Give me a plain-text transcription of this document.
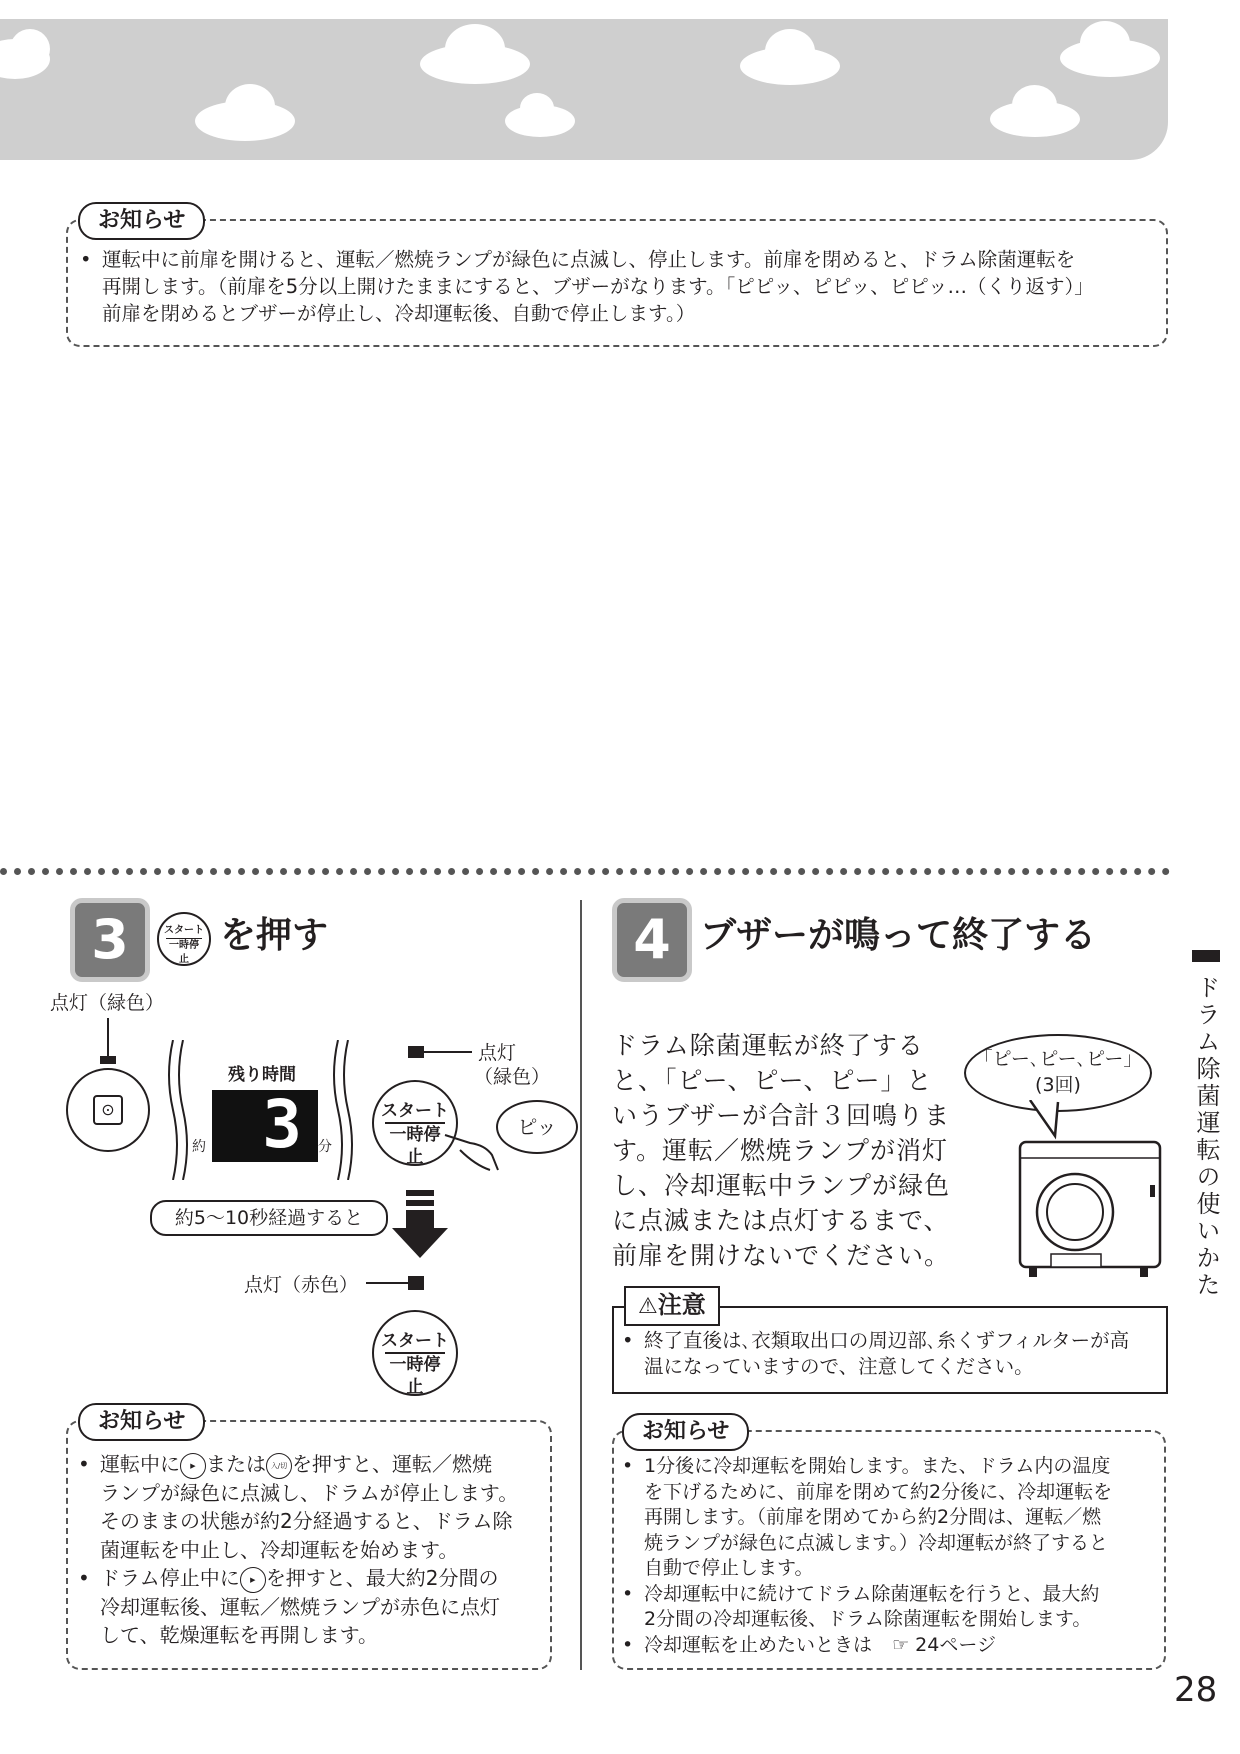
お知らせ
• 運転中に前扉を開けると、運転／燃焼ランプが緑色に点滅し、停止します。前扉を閉めると、ドラム除菌運転を
再開します。（前扉を5分以上開けたままにすると、ブザーがなります。「ピピッ、ピピッ、ピピッ…（くり返す）」
前扉を閉めるとブザーが停止し、冷却運転後、自動で停止します。）
3	スタート
一時停止
を押す
点灯（緑色）
⊙
残り時間
3
約	分
点灯
（緑色）
スタート
一時停止
ピッ
約5～10秒経過すると
点灯（赤色）
スタート
一時停止
お知らせ
• 運転中に ▶ または 入/切 を押すと、運転／燃焼
ランプが緑色に点滅し、ドラムが停止します。
そのままの状態が約2分経過すると、ドラム除
菌運転を中止し、冷却運転を始めます。
• ドラム停止中に ▶ を押すと、最大約2分間の
冷却運転後、運転／燃焼ランプが赤色に点灯
して、乾燥運転を再開します。
4 ブザーが鳴って終了する
ドラム除菌運転が終了する
と、「ピー、ピー、ピー」と
いうブザーが合計３回鳴りま
す。運転／燃焼ランプが消灯
し、冷却運転中ランプが緑色
に点滅または点灯するまで、
前扉を開けないでください。
「ピー､ピー､ピー」
(3回)
⚠注意
• 終了直後は､衣類取出口の周辺部､糸くずフィルターが高
温になっていますので、注意してください。
お知らせ
• 1分後に冷却運転を開始します。また、ドラム内の温度
を下げるために、前扉を閉めて約2分後に、冷却運転を
再開します。（前扉を閉めてから約2分間は、運転／燃
焼ランプが緑色に点滅します。）冷却運転が終了すると
自動で停止します。
• 冷却運転中に続けてドラム除菌運転を行うと、最大約
2分間の冷却運転後、ドラム除菌運転を開始します。
• 冷却運転を止めたいときは ☞ 24ページ
ドラム除菌運転の使いかた
28
